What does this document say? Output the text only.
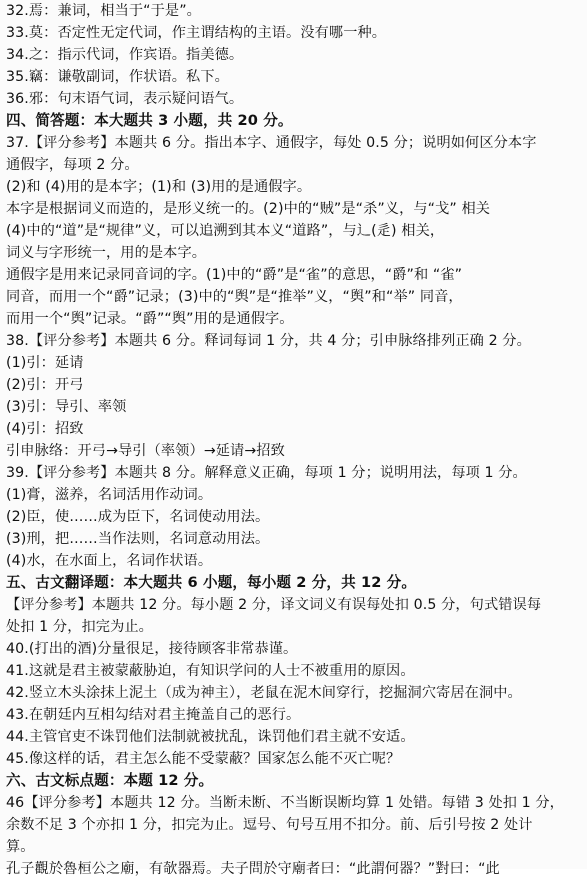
32.焉：兼词，相当于“于是”。
33.莫：否定性无定代词，作主谓结构的主语。没有哪一种。
34.之：指示代词，作宾语。指美德。
35.竊：谦敬副词，作状语。私下。
36.邪：句末语气词，表示疑问语气。
四、简答题：本大题共 3 小题，共 20 分。
37.【评分参考】本题共 6 分。指出本字、通假字，每处 0.5 分；说明如何区分本字
通假字，每项 2 分。
(2)和 (4)用的是本字；(1)和 (3)用的是通假字。
本字是根据词义而造的，是形义统一的。(2)中的“贼”是“杀”义，与“戈” 相关
(4)中的“道”是“规律”义，可以追溯到其本义“道路”，与辶(辵) 相关，
词义与字形统一，用的是本字。
通假字是用来记录同音词的字。(1)中的“爵”是“雀”的意思，“爵”和 “雀”
同音，而用一个“爵”记录；(3)中的“舆”是“推举”义，“舆”和“举” 同音，
而用一个“舆”记录。“爵”“舆”用的是通假字。
38.【评分参考】本题共 6 分。释词每词 1 分，共 4 分；引申脉络排列正确 2 分。
(1)引：延请
(2)引：开弓
(3)引：导引、率领
(4)引：招致
引申脉络：开弓→导引（率领）→延请→招致
39.【评分参考】本题共 8 分。解释意义正确，每项 1 分；说明用法，每项 1 分。
(1)膏，滋养，名词活用作动词。
(2)臣，使……成为臣下，名词使动用法。
(3)刑，把……当作法则，名词意动用法。
(4)水，在水面上，名词作状语。
五、古文翻译题：本大题共 6 小题，每小题 2 分，共 12 分。
【评分参考】本题共 12 分。每小题 2 分，译文词义有误每处扣 0.5 分，句式错误每
处扣 1 分，扣完为止。
40.(打出的酒)分量很足，接待顾客非常恭谨。
41.这就是君主被蒙蔽胁迫，有知识学问的人士不被重用的原因。
42.竖立木头涂抹上泥土（成为神主），老鼠在泥木间穿行，挖掘洞穴寄居在洞中。
43.在朝廷内互相勾结对君主掩盖自己的恶行。
44.主管官吏不诛罚他们法制就被扰乱，诛罚他们君主就不安适。
45.像这样的话，君主怎么能不受蒙蔽？国家怎么能不灭亡呢？
六、古文标点题：本题 12 分。
46【评分参考】本题共 12 分。当断未断、不当断误断均算 1 处错。每错 3 处扣 1 分，
余数不足 3 个亦扣 1 分，扣完为止。逗号、句号互用不扣分。前、后引号按 2 处计
算。
孔子觀於魯桓公之廟，有欹器焉。夫子問於守廟者曰：“此謂何器？”對曰：“此
